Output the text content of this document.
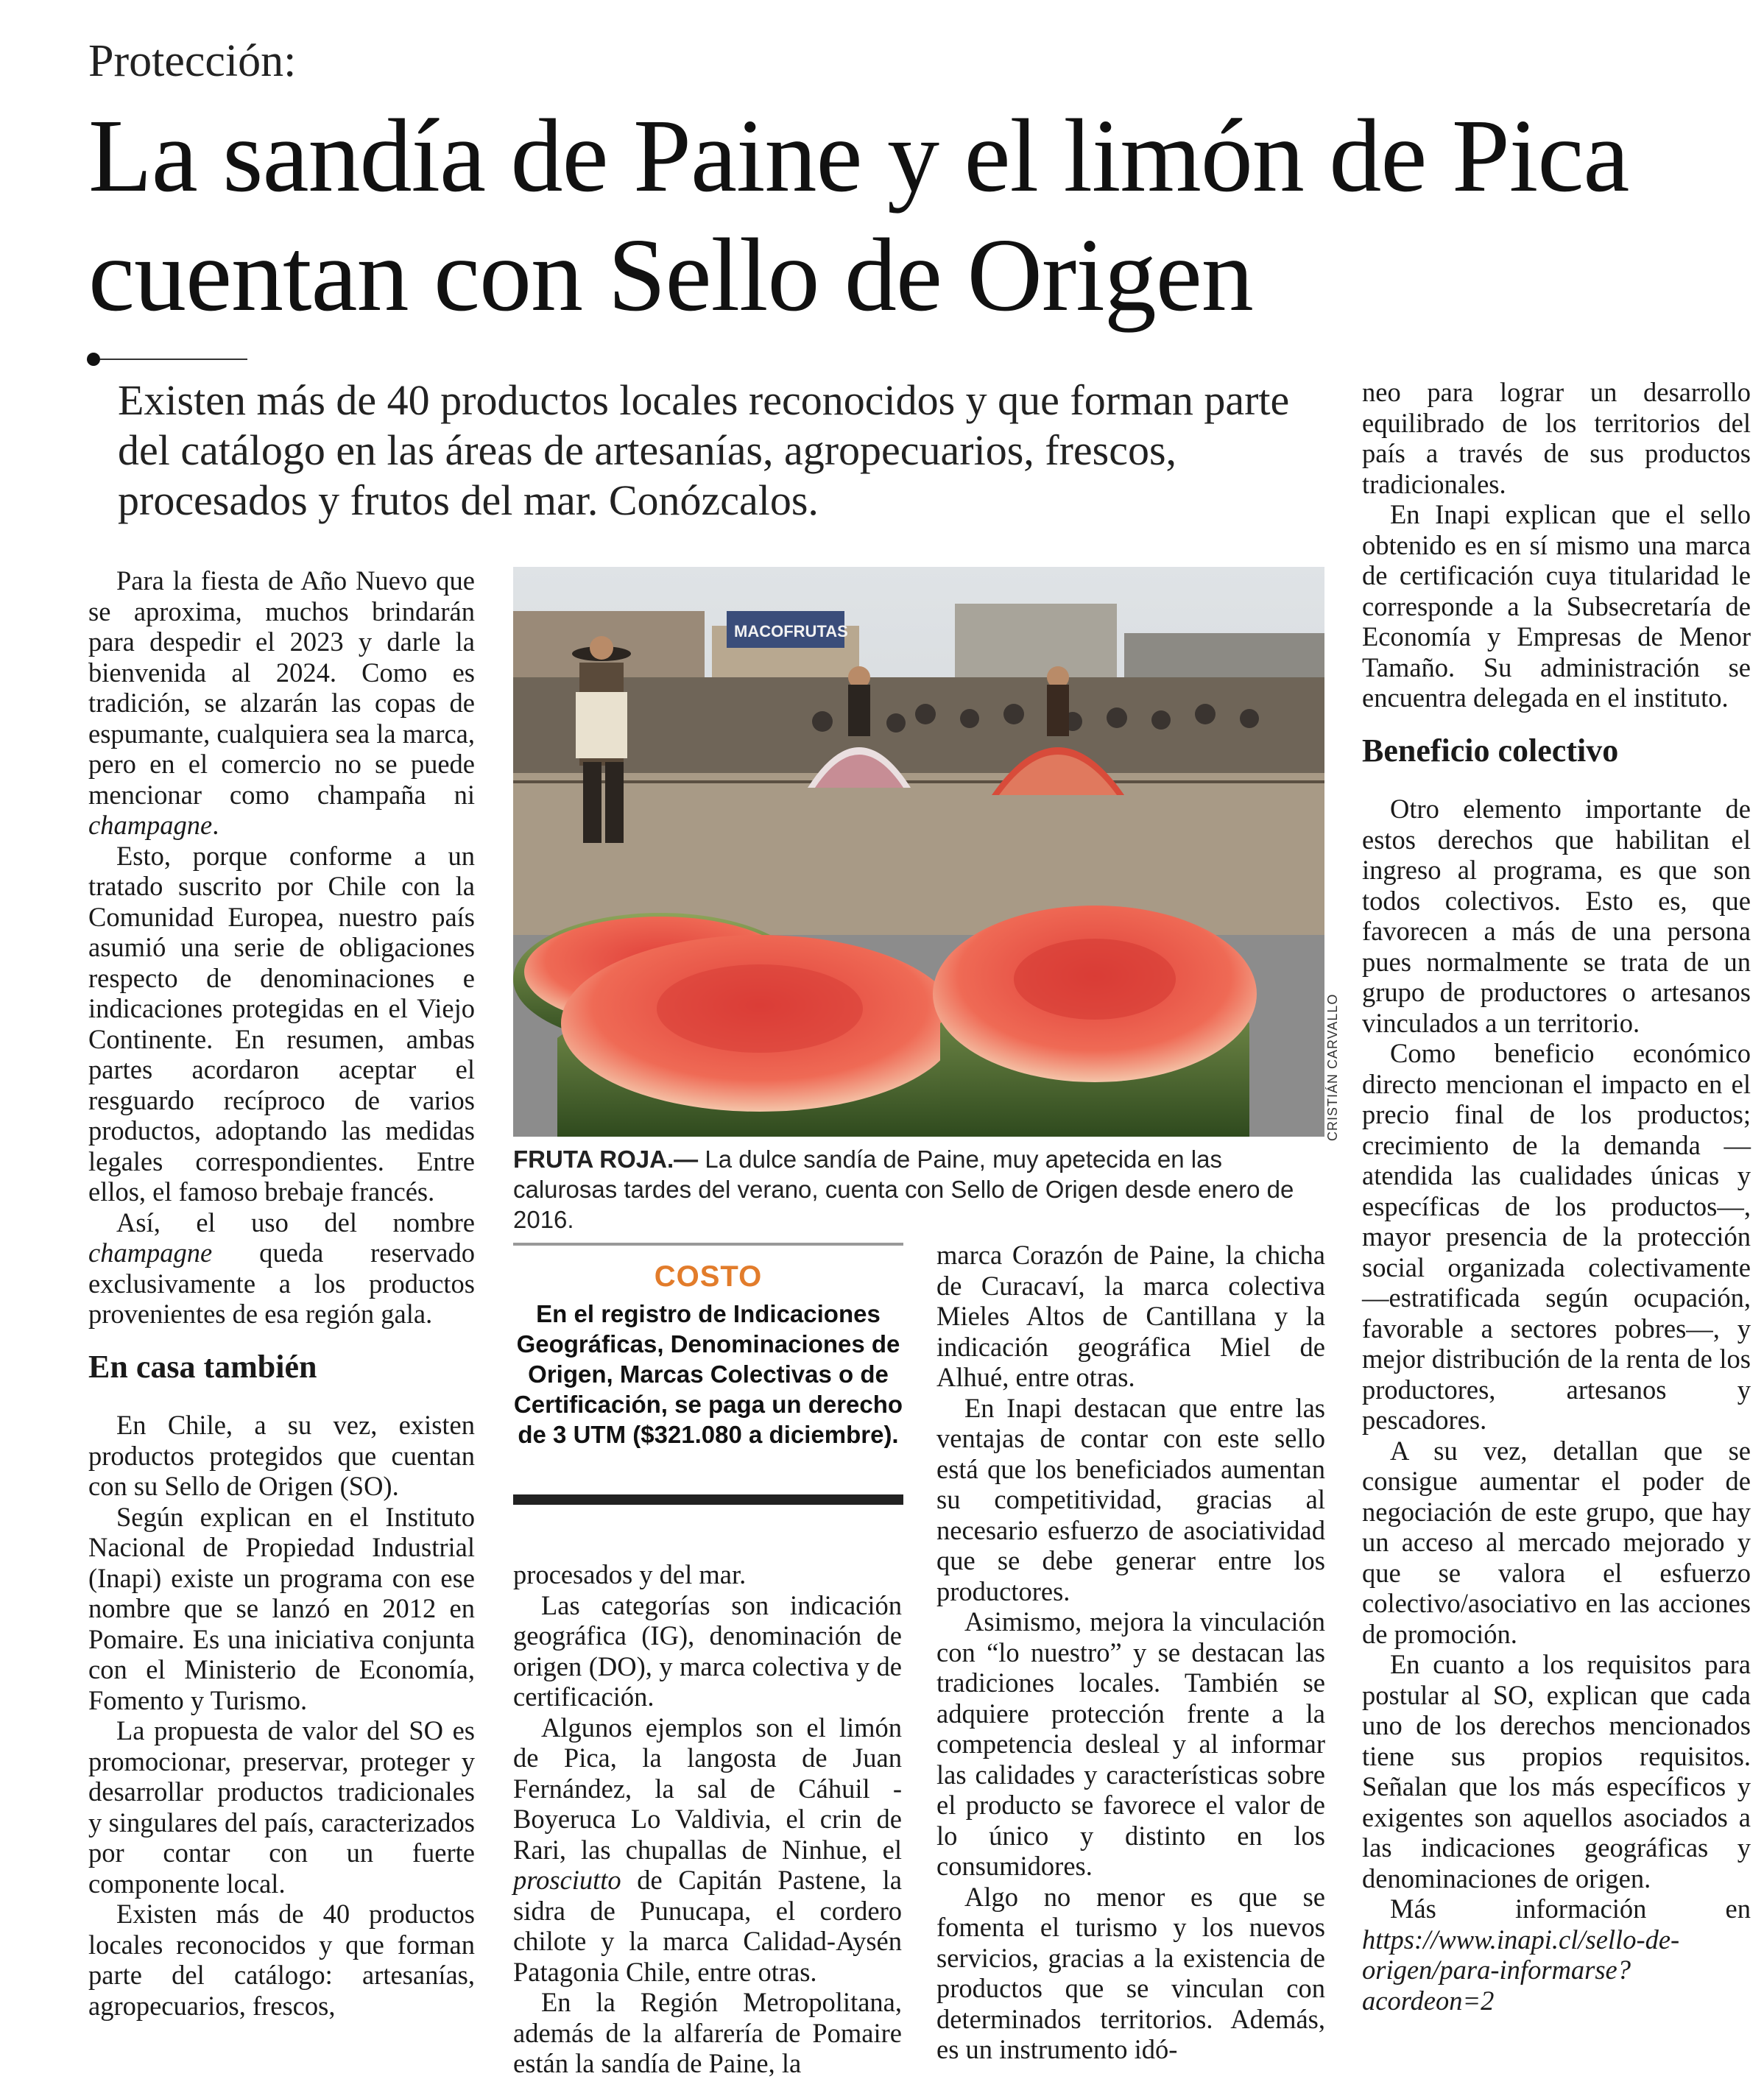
Protección:
La sandía de Paine y el limón de Pica cuentan con Sello de Origen
Existen más de 40 productos locales reconocidos y que forman parte del catálogo en las áreas de artesanías, agropecuarios, frescos, procesados y frutos del mar. Conózcalos.

Para la fiesta de Año Nuevo que se aproxima, muchos brindarán para despedir el 2023 y darle la bienvenida al 2024. Como es tradición, se alzarán las copas de espumante, cualquiera sea la marca, pero en el comercio no se puede mencionar como champaña ni champagne.

Esto, porque conforme a un tratado suscrito por Chile con la Comunidad Europea, nuestro país asumió una serie de obligaciones respecto de denominaciones e indicaciones protegidas en el Viejo Continente. En resumen, ambas partes acordaron aceptar el resguardo recíproco de varios productos, adoptando las medidas legales correspondientes. Entre ellos, el famoso brebaje francés.

Así, el uso del nombre champagne queda reservado exclusivamente a los productos provenientes de esa región gala.

En casa también

En Chile, a su vez, existen productos protegidos que cuentan con su Sello de Origen (SO).

Según explican en el Instituto Nacional de Propiedad Industrial (Inapi) existe un programa con ese nombre que se lanzó en 2012 en Pomaire. Es una iniciativa conjunta con el Ministerio de Economía, Fomento y Turismo.

La propuesta de valor del SO es promocionar, preservar, proteger y desarrollar productos tradicionales y singulares del país, caracterizados por contar con un fuerte componente local.

Existen más de 40 productos locales reconocidos y que forman parte del catálogo: artesanías, agropecuarios, frescos,

MACOFRUTAS
CRISTIÁN CARVALLO
FRUTA ROJA.— La dulce sandía de Paine, muy apetecida en las calurosas tardes del verano, cuenta con Sello de Origen desde enero de 2016.
COSTO
En el registro de Indicaciones Geográficas, Denominaciones de Origen, Marcas Colectivas o de Certificación, se paga un derecho de 3 UTM ($321.080 a diciembre).

procesados y del mar.

Las categorías son indicación geográfica (IG), denominación de origen (DO), y marca colectiva y de certificación.

Algunos ejemplos son el limón de Pica, la langosta de Juan Fernández, la sal de Cáhuil - Boyeruca Lo Valdivia, el crin de Rari, las chupallas de Ninhue, el prosciutto de Capitán Pastene, la sidra de Punucapa, el cordero chilote y la marca Calidad-Aysén Patagonia Chile, entre otras.

En la Región Metropolitana, además de la alfarería de Pomaire están la sandía de Paine, la

marca Corazón de Paine, la chicha de Curacaví, la marca colectiva Mieles Altos de Cantillana y la indicación geográfica Miel de Alhué, entre otras.

En Inapi destacan que entre las ventajas de contar con este sello está que los beneficiados aumentan su competitividad, gracias al necesario esfuerzo de asociatividad que se debe generar entre los productores.

Asimismo, mejora la vinculación con “lo nuestro” y se destacan las tradiciones locales. También se adquiere protección frente a la competencia desleal y al informar las calidades y características sobre el producto se favorece el valor de lo único y distinto en los consumidores.

Algo no menor es que se fomenta el turismo y los nuevos servicios, gracias a la existencia de productos que se vinculan con determinados territorios. Además, es un instrumento idó-

neo para lograr un desarrollo equilibrado de los territorios del país a través de sus productos tradicionales.

En Inapi explican que el sello obtenido es en sí mismo una marca de certificación cuya titularidad le corresponde a la Subsecretaría de Economía y Empresas de Menor Tamaño. Su administración se encuentra delegada en el instituto.

Beneficio colectivo

Otro elemento importante de estos derechos que habilitan el ingreso al programa, es que son todos colectivos. Esto es, que favorecen a más de una persona pues normalmente se trata de un grupo de productores o artesanos vinculados a un territorio.

Como beneficio económico directo mencionan el impacto en el precio final de los productos; crecimiento de la demanda —atendida las cualidades únicas y específicas de los productos—, mayor presencia de la protección social organizada colectivamente —estratificada según ocupación, favorable a sectores pobres—, y mejor distribución de la renta de los productores, artesanos y pescadores.

A su vez, detallan que se consigue aumentar el poder de negociación de este grupo, que hay un acceso al mercado mejorado y que se valora el esfuerzo colectivo/asociativo en las acciones de promoción.

En cuanto a los requisitos para postular al SO, explican que cada uno de los derechos mencionados tiene sus propios requisitos. Señalan que los más específicos y exigentes son aquellos asociados a las indicaciones geográficas y denominaciones de origen.

Más información en https://www.inapi.cl/sello-de-origen/para-informarse?acordeon=2
